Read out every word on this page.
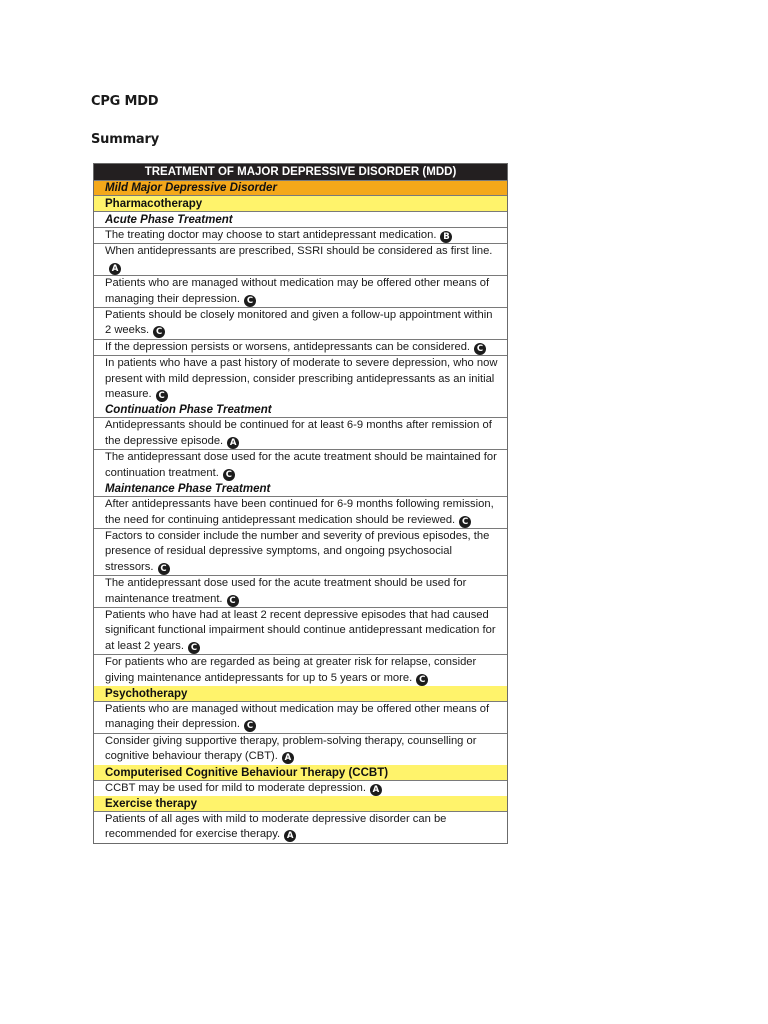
CPG MDD
Summary
TREATMENT OF MAJOR DEPRESSIVE DISORDER (MDD)
Mild Major Depressive Disorder
Pharmacotherapy
Acute Phase Treatment
The treating doctor may choose to start antidepressant medication. B
When antidepressants are prescribed, SSRI should be considered as first line.A
Patients who are managed without medication may be offered other means of managing their depression. C
Patients should be closely monitored and given a follow-up appointment within 2 weeks. C
If the depression persists or worsens, antidepressants can be considered. C
In patients who have a past history of moderate to severe depression, who now present with mild depression, consider prescribing antidepressants as an initial measure. C
Continuation Phase Treatment
Antidepressants should be continued for at least 6-9 months after remission of the depressive episode. A
The antidepressant dose used for the acute treatment should be maintained for continuation treatment. C
Maintenance Phase Treatment
After antidepressants have been continued for 6-9 months following remission, the need for continuing antidepressant medication should be reviewed. C
Factors to consider include the number and severity of previous episodes, the presence of residual depressive symptoms, and ongoing psychosocial stressors. C
The antidepressant dose used for the acute treatment should be used for maintenance treatment. C
Patients who have had at least 2 recent depressive episodes that had caused significant functional impairment should continue antidepressant medication for at least 2 years. C
For patients who are regarded as being at greater risk for relapse, consider giving maintenance antidepressants for up to 5 years or more. C
Psychotherapy
Patients who are managed without medication may be offered other means of managing their depression. C
Consider giving supportive therapy, problem-solving therapy, counselling or cognitive behaviour therapy (CBT). A
Computerised Cognitive Behaviour Therapy (CCBT)
CCBT may be used for mild to moderate depression. A
Exercise therapy
Patients of all ages with mild to moderate depressive disorder can be recommended for exercise therapy. A
